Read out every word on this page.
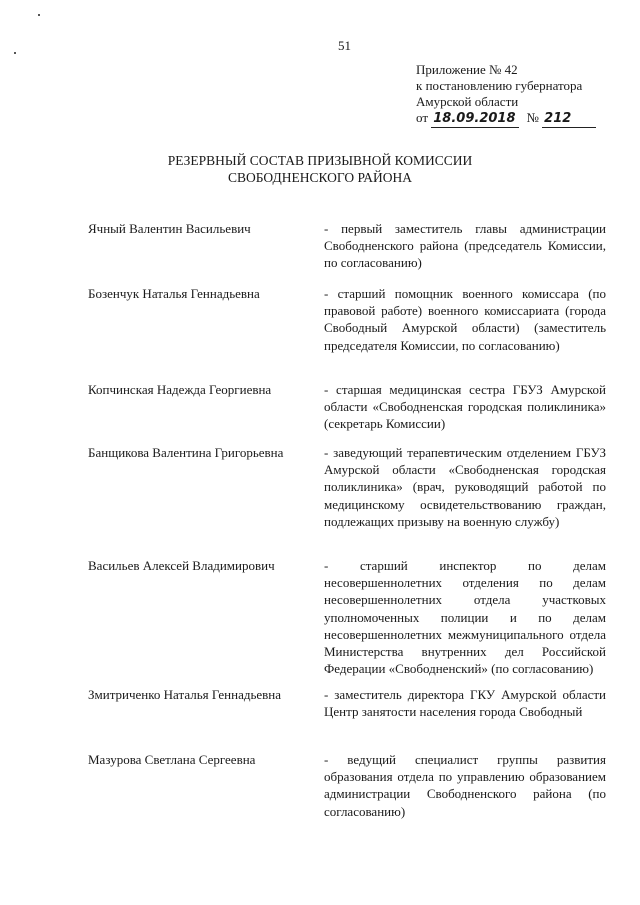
51
Приложение № 42
к постановлению губернатора
Амурской области
от 18.09.2018 № 212
РЕЗЕРВНЫЙ СОСТАВ ПРИЗЫВНОЙ КОМИССИИ
СВОБОДНЕНСКОГО РАЙОНА
Ячный Валентин Васильевич	- первый заместитель главы администрации Свободненского района (председатель Комиссии, по согласованию)
Бозенчук Наталья Геннадьевна	- старший помощник военного комиссара (по правовой работе) военного комиссариата (города Свободный Амурской области) (заместитель председателя Комиссии, по согласованию)
Копчинская Надежда Георгиевна	- старшая медицинская сестра ГБУЗ Амурской области «Свободненская городская поликлиника» (секретарь Комиссии)
Банщикова Валентина Григорьевна	- заведующий терапевтическим отделением ГБУЗ Амурской области «Свободненская городская поликлиника» (врач, руководящий работой по медицинскому освидетельствованию граждан, подлежащих призыву на военную службу)
Васильев Алексей Владимирович	- старший инспектор по делам несовершеннолетних отделения по делам несовершеннолетних отдела участковых уполномоченных полиции и по делам несовершеннолетних межмуниципального отдела Министерства внутренних дел Российской Федерации «Свободненский» (по согласованию)
Змитриченко Наталья Геннадьевна	- заместитель директора ГКУ Амурской области Центр занятости населения города Свободный
Мазурова Светлана Сергеевна	- ведущий специалист группы развития образования отдела по управлению образованием администрации Свободненского района (по согласованию)
